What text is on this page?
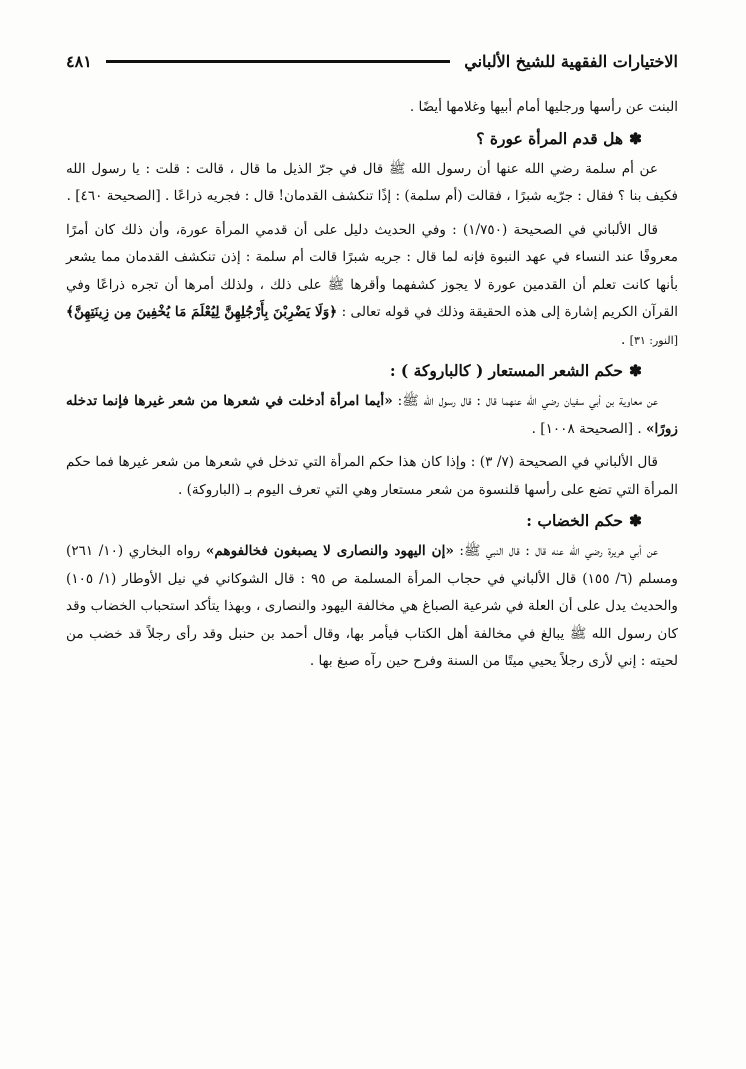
الاختيارات الفقهية للشيخ الألباني
٤٨١

البنت عن رأسها ورجليها أمام أبيها وغلامها أيضًا .

✽هل قدم المرأة عورة ؟

عن أم سلمة رضي الله عنها أن رسول الله ﷺ قال في جرّ الذيل ما قال ، قالت : قلت : يا رسول الله فكيف بنا ؟ فقال : جرّيه شبرًا ، فقالت (أم سلمة) : إذًا تنكشف القدمان! قال : فجريه ذراعًا . [الصحيحة ٤٦٠] .

قال الألباني في الصحيحة (١/٧٥٠) : وفي الحديث دليل على أن قدمي المرأة عورة، وأن ذلك كان أمرًا معروفًا عند النساء في عهد النبوة فإنه لما قال : جريه شبرًا قالت أم سلمة : إذن تنكشف القدمان مما يشعر بأنها كانت تعلم أن القدمين عورة لا يجوز كشفهما وأقرها ﷺ على ذلك ، ولذلك أمرها أن تجره ذراعًا وفي القرآن الكريم إشارة إلى هذه الحقيقة وذلك في قوله تعالى : ﴿وَلَا يَضْرِبْنَ بِأَرْجُلِهِنَّ لِيُعْلَمَ مَا يُخْفِينَ مِن زِينَتِهِنَّ﴾[النور: ٣١] .

✽حكم الشعر المستعار ( كالباروكة ) :

عن معاوية بن أبي سفيان رضي الله عنهما قال : قال رسول الله ﷺ: «أيما امرأة أدخلت في شعرها من شعر غيرها فإنما تدخله زورًا» . [الصحيحة ١٠٠٨] .

قال الألباني في الصحيحة (٧/ ٣) : وإذا كان هذا حكم المرأة التي تدخل في شعرها من شعر غيرها فما حكم المرأة التي تضع على رأسها قلنسوة من شعر مستعار وهي التي تعرف اليوم بـ (الباروكة) .

✽حكم الخضاب :

عن أبي هريرة رضي الله عنه قال : قال النبي ﷺ: «إن اليهود والنصارى لا يصبغون فخالفوهم» رواه البخاري (١٠/ ٢٦١) ومسلم (٦/ ١٥٥) قال الألباني في حجاب المرأة المسلمة ص ٩٥ : قال الشوكاني في نيل الأوطار (١/ ١٠٥) والحديث يدل على أن العلة في شرعية الصباغ هي مخالفة اليهود والنصارى ، وبهذا يتأكد استحباب الخضاب وقد كان رسول الله ﷺ يبالغ في مخالفة أهل الكتاب فيأمر بها، وقال أحمد بن حنبل وقد رأى رجلاً قد خضب من لحيته : إني لأرى رجلاً يحيي ميتًا من السنة وفرح حين رآه صبغ بها .
